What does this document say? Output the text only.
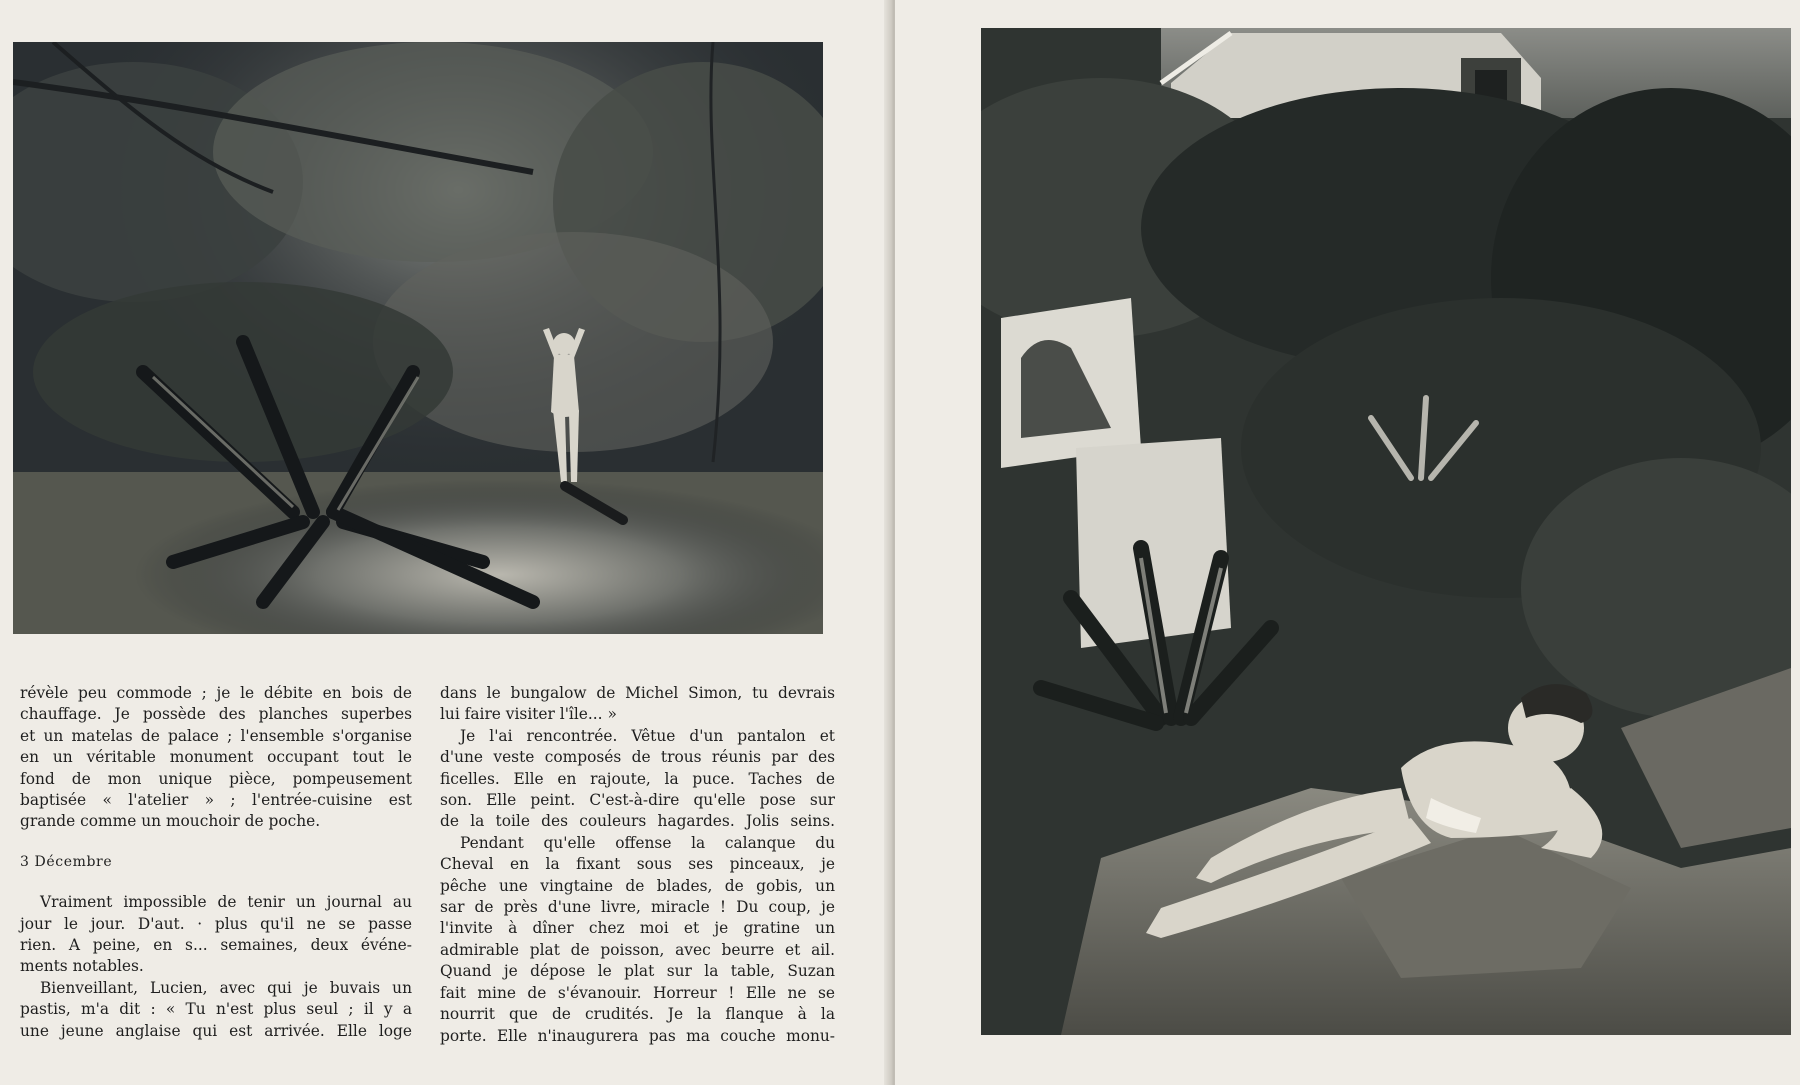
révèle peu commode ; je le débite en bois de
chauffage. Je possède des planches superbes
et un matelas de palace ; l'ensemble s'organise
en un véritable monument occupant tout le
fond de mon unique pièce, pompeusement
baptisée « l'atelier » ; l'entrée-cuisine est
grande comme un mouchoir de poche.

3 Décembre

Vraiment impossible de tenir un journal au
jour le jour. D'aut. · plus qu'il ne se passe
rien. A peine, en s... semaines, deux événe-
ments notables.

Bienveillant, Lucien, avec qui je buvais un
pastis, m'a dit : « Tu n'est plus seul ; il y a
une jeune anglaise qui est arrivée. Elle loge

dans le bungalow de Michel Simon, tu devrais
lui faire visiter l'île... »

Je l'ai rencontrée. Vêtue d'un pantalon et
d'une veste composés de trous réunis par des
ficelles. Elle en rajoute, la puce. Taches de
son. Elle peint. C'est-à-dire qu'elle pose sur
de la toile des couleurs hagardes. Jolis seins.

Pendant qu'elle offense la calanque du
Cheval en la fixant sous ses pinceaux, je
pêche une vingtaine de blades, de gobis, un
sar de près d'une livre, miracle ! Du coup, je
l'invite à dîner chez moi et je gratine un
admirable plat de poisson, avec beurre et ail.
Quand je dépose le plat sur la table, Suzan
fait mine de s'évanouir. Horreur ! Elle ne se
nourrit que de crudités. Je la flanque à la
porte. Elle n'inaugurera pas ma couche monu-
